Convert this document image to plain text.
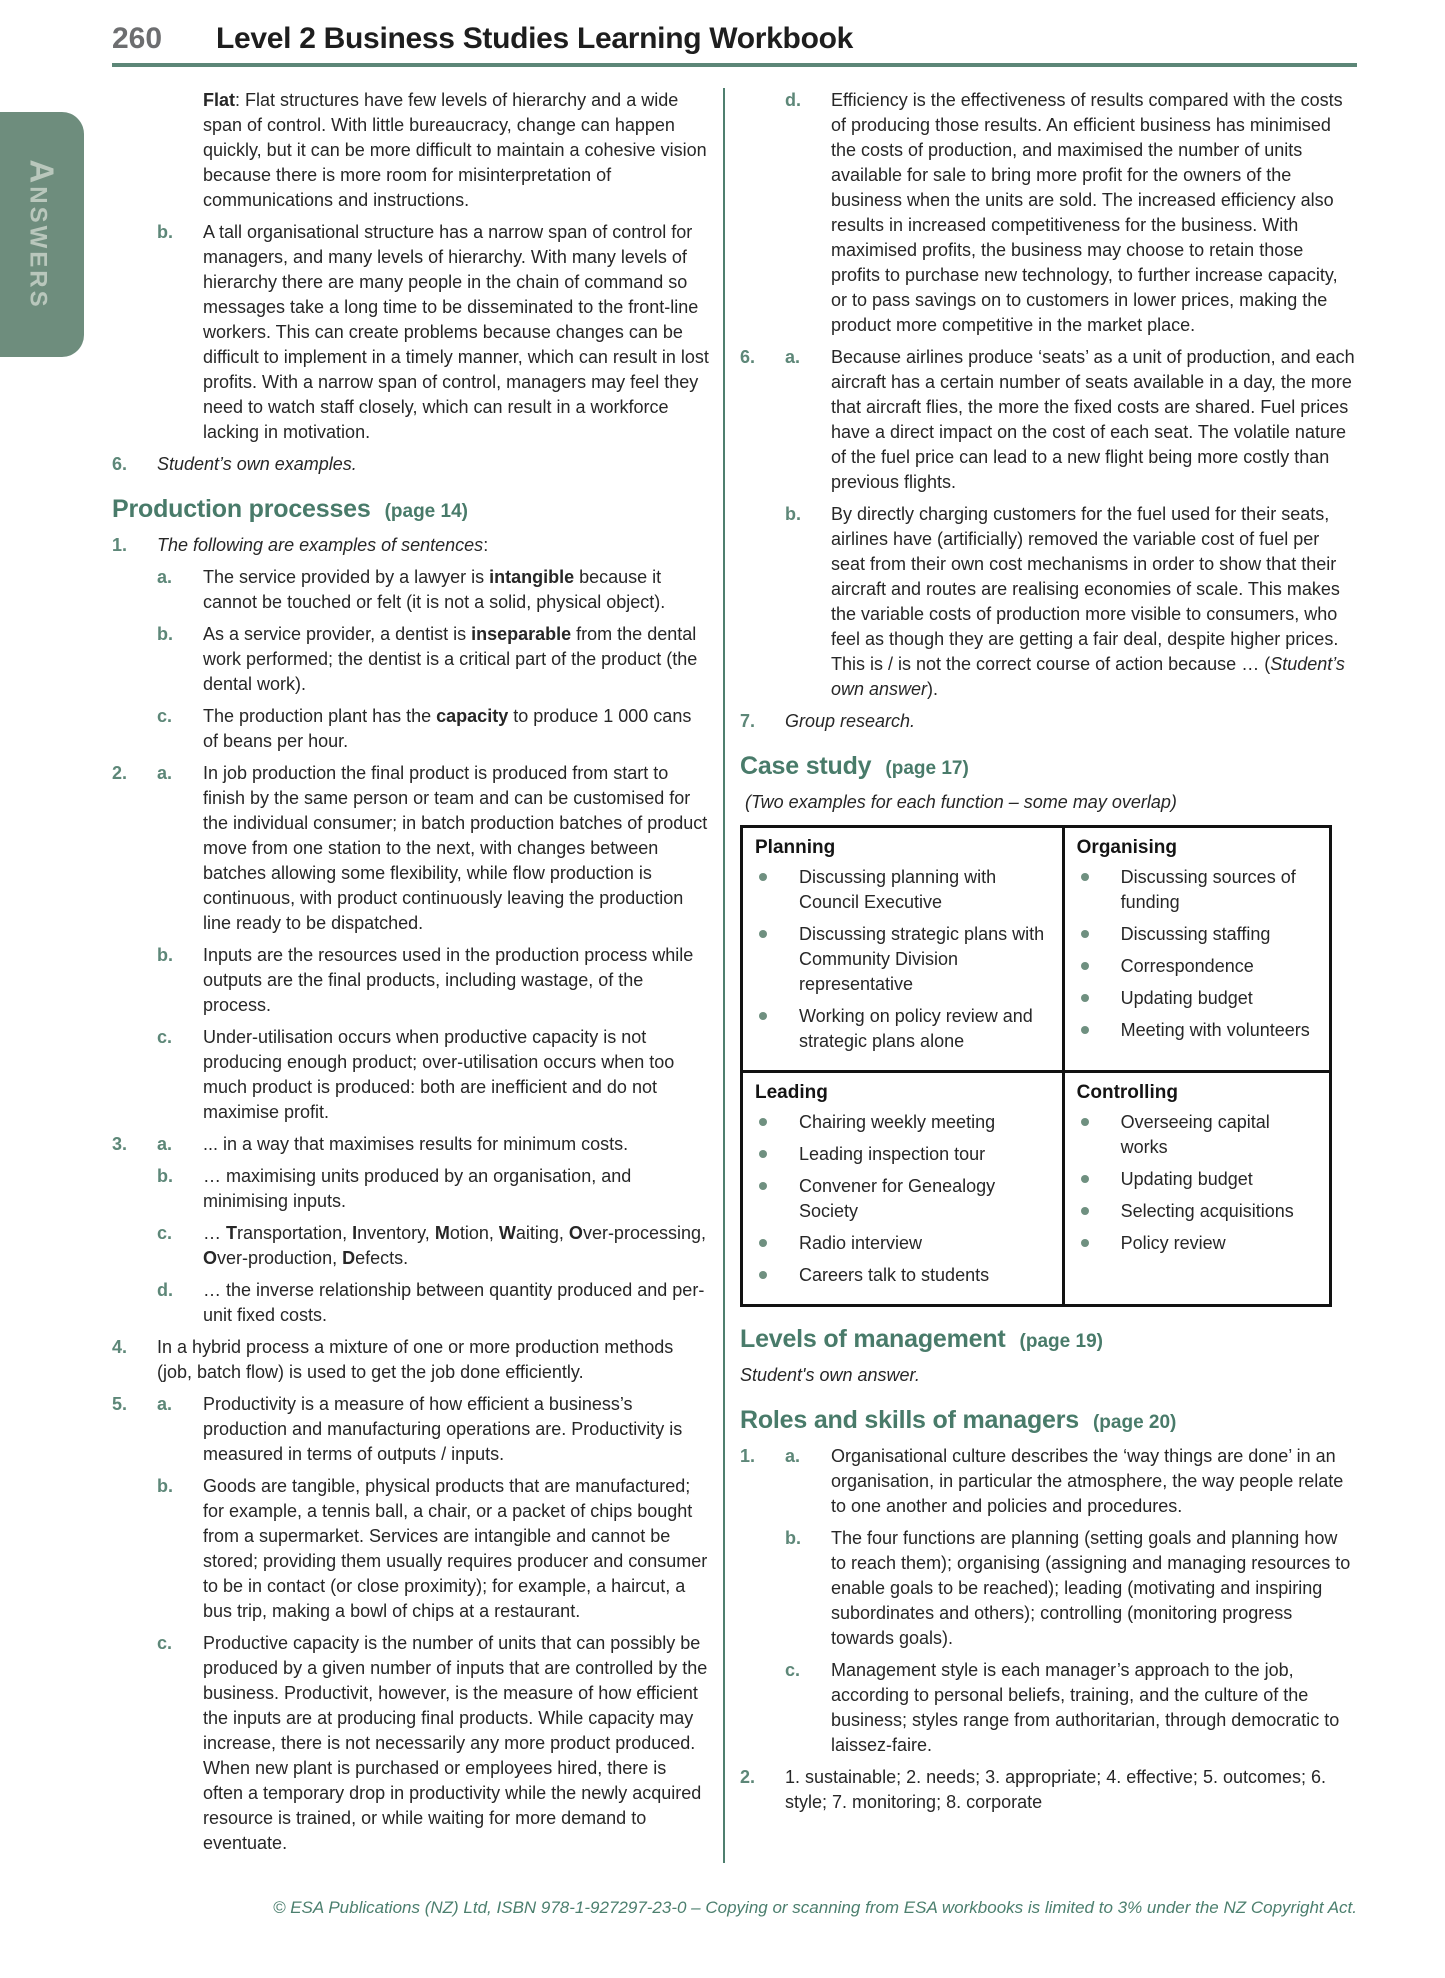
260	Level 2 Business Studies Learning Workbook
ANSWERS
Flat: Flat structures have few levels of hierarchy and a wide span of control. With little bureaucracy, change can happen quickly, but it can be more difficult to maintain a cohesive vision because there is more room for misinterpretation of communications and instructions.
b.	A tall organisational structure has a narrow span of control for managers, and many levels of hierarchy. With many levels of hierarchy there are many people in the chain of command so messages take a long time to be disseminated to the front-line workers. This can create problems because changes can be difficult to implement in a timely manner, which can result in lost profits. With a narrow span of control, managers may feel they need to watch staff closely, which can result in a workforce lacking in motivation.
6.	Student’s own examples.
Production processes (page 14)
1.	The following are examples of sentences:
a.	The service provided by a lawyer is intangible because it cannot be touched or felt (it is not a solid, physical object).
b.	As a service provider, a dentist is inseparable from the dental work performed; the dentist is a critical part of the product (the dental work).
c.	The production plant has the capacity to produce 1 000 cans of beans per hour.
2.	a.	In job production the final product is produced from start to finish by the same person or team and can be customised for the individual consumer; in batch production batches of product move from one station to the next, with changes between batches allowing some flexibility, while flow production is continuous, with product continuously leaving the production line ready to be dispatched.
b.	Inputs are the resources used in the production process while outputs are the final products, including wastage, of the process.
c.	Under-utilisation occurs when productive capacity is not producing enough product; over-utilisation occurs when too much product is produced: both are inefficient and do not maximise profit.
3.	a.	... in a way that maximises results for minimum costs.
b.	… maximising units produced by an organisation, and minimising inputs.
c.	… Transportation, Inventory, Motion, Waiting, Over-processing, Over-production, Defects.
d.	… the inverse relationship between quantity produced and per-unit fixed costs.
4.	In a hybrid process a mixture of one or more production methods (job, batch flow) is used to get the job done efficiently.
5.	a.	Productivity is a measure of how efficient a business’s production and manufacturing operations are. Productivity is measured in terms of outputs / inputs.
b.	Goods are tangible, physical products that are manufactured; for example, a tennis ball, a chair, or a packet of chips bought from a supermarket. Services are intangible and cannot be stored; providing them usually requires producer and consumer to be in contact (or close proximity); for example, a haircut, a bus trip, making a bowl of chips at a restaurant.
c.	Productive capacity is the number of units that can possibly be produced by a given number of inputs that are controlled by the business. Productivit, however, is the measure of how efficient the inputs are at producing final products. While capacity may increase, there is not necessarily any more product produced. When new plant is purchased or employees hired, there is often a temporary drop in productivity while the newly acquired resource is trained, or while waiting for more demand to eventuate.
d.	Efficiency is the effectiveness of results compared with the costs of producing those results. An efficient business has minimised the costs of production, and maximised the number of units available for sale to bring more profit for the owners of the business when the units are sold. The increased efficiency also results in increased competitiveness for the business. With maximised profits, the business may choose to retain those profits to purchase new technology, to further increase capacity, or to pass savings on to customers in lower prices, making the product more competitive in the market place.
6.	a.	Because airlines produce ‘seats’ as a unit of production, and each aircraft has a certain number of seats available in a day, the more that aircraft flies, the more the fixed costs are shared. Fuel prices have a direct impact on the cost of each seat. The volatile nature of the fuel price can lead to a new flight being more costly than previous flights.
b.	By directly charging customers for the fuel used for their seats, airlines have (artificially) removed the variable cost of fuel per seat from their own cost mechanisms in order to show that their aircraft and routes are realising economies of scale. This makes the variable costs of production more visible to consumers, who feel as though they are getting a fair deal, despite higher prices. This is / is not the correct course of action because … (Student’s own answer).
7.	Group research.
Case study (page 17)
(Two examples for each function – some may overlap)
Planning
Discussing planning with Council Executive
Discussing strategic plans with Community Division representative
Working on policy review and strategic plans alone

Organising
Discussing sources of funding
Discussing staffing
Correspondence
Updating budget
Meeting with volunteers

Leading
Chairing weekly meeting
Leading inspection tour
Convener for Genealogy Society
Radio interview
Careers talk to students

Controlling
Overseeing capital works
Updating budget
Selecting acquisitions
Policy review
Levels of management (page 19)
Student's own answer.
Roles and skills of managers (page 20)
1.	a.	Organisational culture describes the ‘way things are done’ in an organisation, in particular the atmosphere, the way people relate to one another and policies and procedures.
b.	The four functions are planning (setting goals and planning how to reach them); organising (assigning and managing resources to enable goals to be reached); leading (motivating and inspiring subordinates and others); controlling (monitoring progress towards goals).
c.	Management style is each manager’s approach to the job, according to personal beliefs, training, and the culture of the business; styles range from authoritarian, through democratic to laissez-faire.
2.	1. sustainable; 2. needs; 3. appropriate; 4. effective; 5. outcomes; 6. style; 7. monitoring; 8. corporate
© ESA Publications (NZ) Ltd, ISBN 978-1-927297-23-0 – Copying or scanning from ESA workbooks is limited to 3% under the NZ Copyright Act.
